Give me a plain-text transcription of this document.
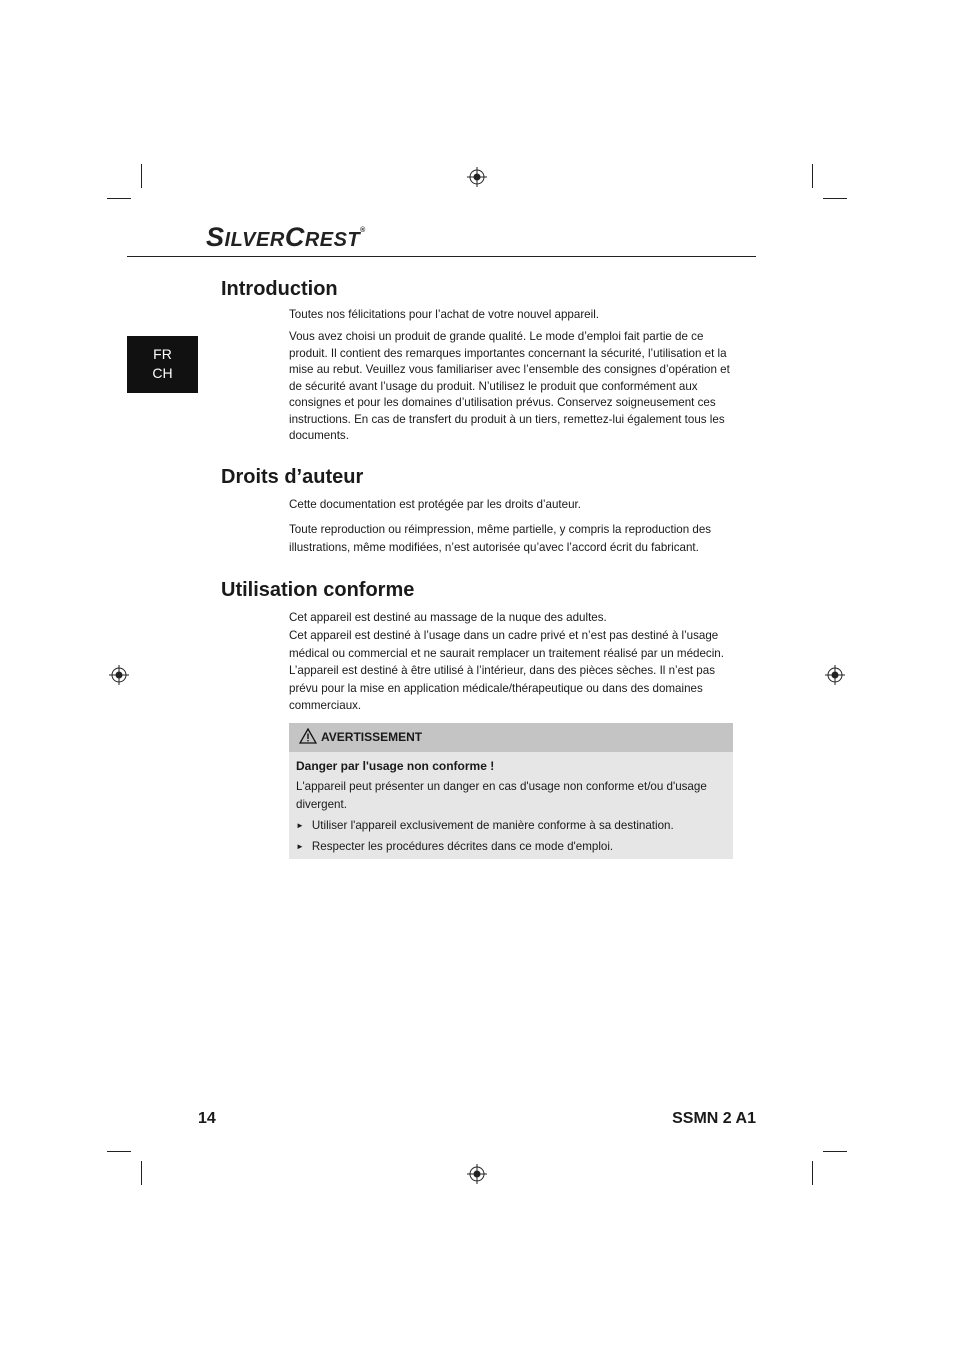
SILVERCREST®
FR
CH
Introduction

Toutes nos félicitations pour l’achat de votre nouvel appareil.

Vous avez choisi un produit de grande qualité. Le mode d’emploi fait partie de ce produit. Il contient des remarques importantes concernant la sécurité, l’utilisation et la mise au rebut. Veuillez vous familiariser avec l’ensemble des consignes d’opération et de sécurité avant l’usage du produit. N’utilisez le produit que conformément aux consignes et pour les domaines d’utilisation prévus. Conservez soigneusement ces instructions. En cas de transfert du produit à un tiers, remettez-lui également tous les documents.

Droits d’auteur

Cette documentation est protégée par les droits d’auteur.

Toute reproduction ou réimpression, même partielle, y compris la reproduction des illustrations, même modifiées, n’est autorisée qu’avec l’accord écrit du fabricant.

Utilisation conforme

Cet appareil est destiné au massage de la nuque des adultes.

Cet appareil est destiné à l’usage dans un cadre privé et n’est pas destiné à l’usage médical ou commercial et ne saurait remplacer un traitement réalisé par un médecin. L’appareil est destiné à être utilisé à l’intérieur, dans des pièces sèches. Il n’est pas prévu pour la mise en application médicale/thérapeutique ou dans des domaines commerciaux.

AVERTISSEMENT
Danger par l'usage non conforme !
L'appareil peut présenter un danger en cas d'usage non conforme et/ou d'usage divergent.
► Utiliser l'appareil exclusivement de manière conforme à sa destination.
► Respecter les procédures décrites dans ce mode d'emploi.
14	SSMN 2 A1
